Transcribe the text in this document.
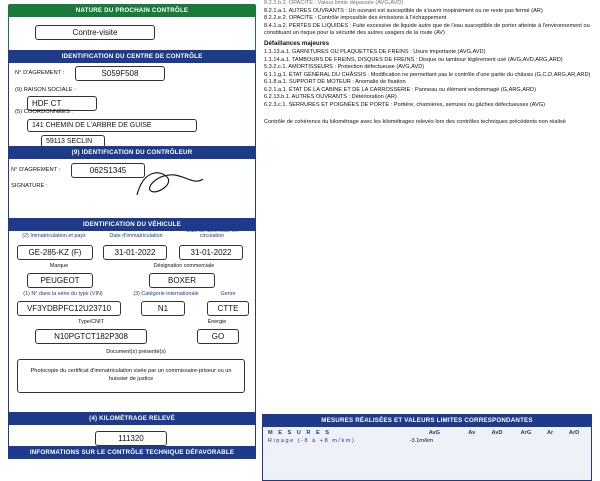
NATURE DU PROCHAIN CONTRÔLE
Contre-visite
IDENTIFICATION DU CENTRE DE CONTRÔLE
N° D'AGREMENT :	S059F508
(9) RAISON SOCIALE :
HDF CT
(5) COORDONNÉES :
141 CHEMIN DE L'ARBRE DE GUISE
59113 SECLIN
(9) IDENTIFICATION DU CONTRÔLEUR
N° D'AGREMENT :	062S1345
SIGNATURE :
IDENTIFICATION DU VÉHICULE
(2) Immatriculation et pays	Date d'immatriculation
Date de 1ère mise en circulation
GE-285-KZ (F)	31-01-2022	31-01-2022
Marque	Désignation commerciale
PEUGEOT	BOXER
(1) N° dans la série du type (VIN)	(3) Catégorie internationale	Genre
VF3YDBPFC12U23710	N1	CTTE
Type/CNIT	Énergie
N10PGTCT182P308	GO
Document(s) présenté(s)
Photocopie du certificat d'immatriculation visée par un commissaire-priseur ou un huissier de justice
(4) KILOMÉTRAGE RELEVÉ
111320
INFORMATIONS SUR LE CONTRÔLE TECHNIQUE DÉFAVORABLE
8.2.2.b.2. OPACITÉ : Valeur limite dépassée (AVG,AVD)
8.2.1.a.1. AUTRES OUVRANTS : Un ouvrant est susceptible de s'ouvrir inopinément ou ne reste pas fermé (AR)
8.2.2.e.2. OPACITÉ : Contrôle impossible des émissions à l'échappement
8.4.1.a.2. PERTES DE LIQUIDES : Fuite excessive de liquide autre que de l'eau susceptible de porter atteinte à l'environnement ou constituant un risque pour la sécurité des autres usagers de la route (AV)
Défaillances majeures
1.1.13.a.1. GARNITURES OU PLAQUETTES DE FREINS : Usure importante (AVG,AVD)
1.1.14.a.1. TAMBOURS DE FREINS, DISQUES DE FREINS : Disque ou tambour légèrement usé (AVG,AVD,ARG,ARD)
5.3.2.c.1. AMORTISSEURS : Protection défectueuse (AVG,AVD)
6.1.1.g.1. ÉTAT GÉNÉRAL DU CHÂSSIS : Modification ne permettant pas le contrôle d'une partie du châssis (G,C,D,ARG,AR,ARD)
6.1.8.a.1. SUPPORT DE MOTEUR : Anomalie de fixation
6.2.1.a.1. ÉTAT DE LA CABINE ET DE LA CARROSSERIE : Panneau ou élément endommagé (G,ARG,ARD)
6.2.13.b.1. AUTRES OUVRANTS : Détérioration (AR)
6.2.3.c.1. SERRURES ET POIGNÉES DE PORTE : Portière, charnières, serrures ou gâches défectueuses (AVG)
Contrôle de cohérence du kilométrage avec les kilométrages relevés lors des contrôles techniques précédents non réalisé
MESURES RÉALISÉES ET VALEURS LIMITES CORRESPONDANTES
M E S U R E S	AvG	Av	AvD	ArG	Ar	ArD
Ripage (-8 à +8 m/km)	-3.1m/km					
